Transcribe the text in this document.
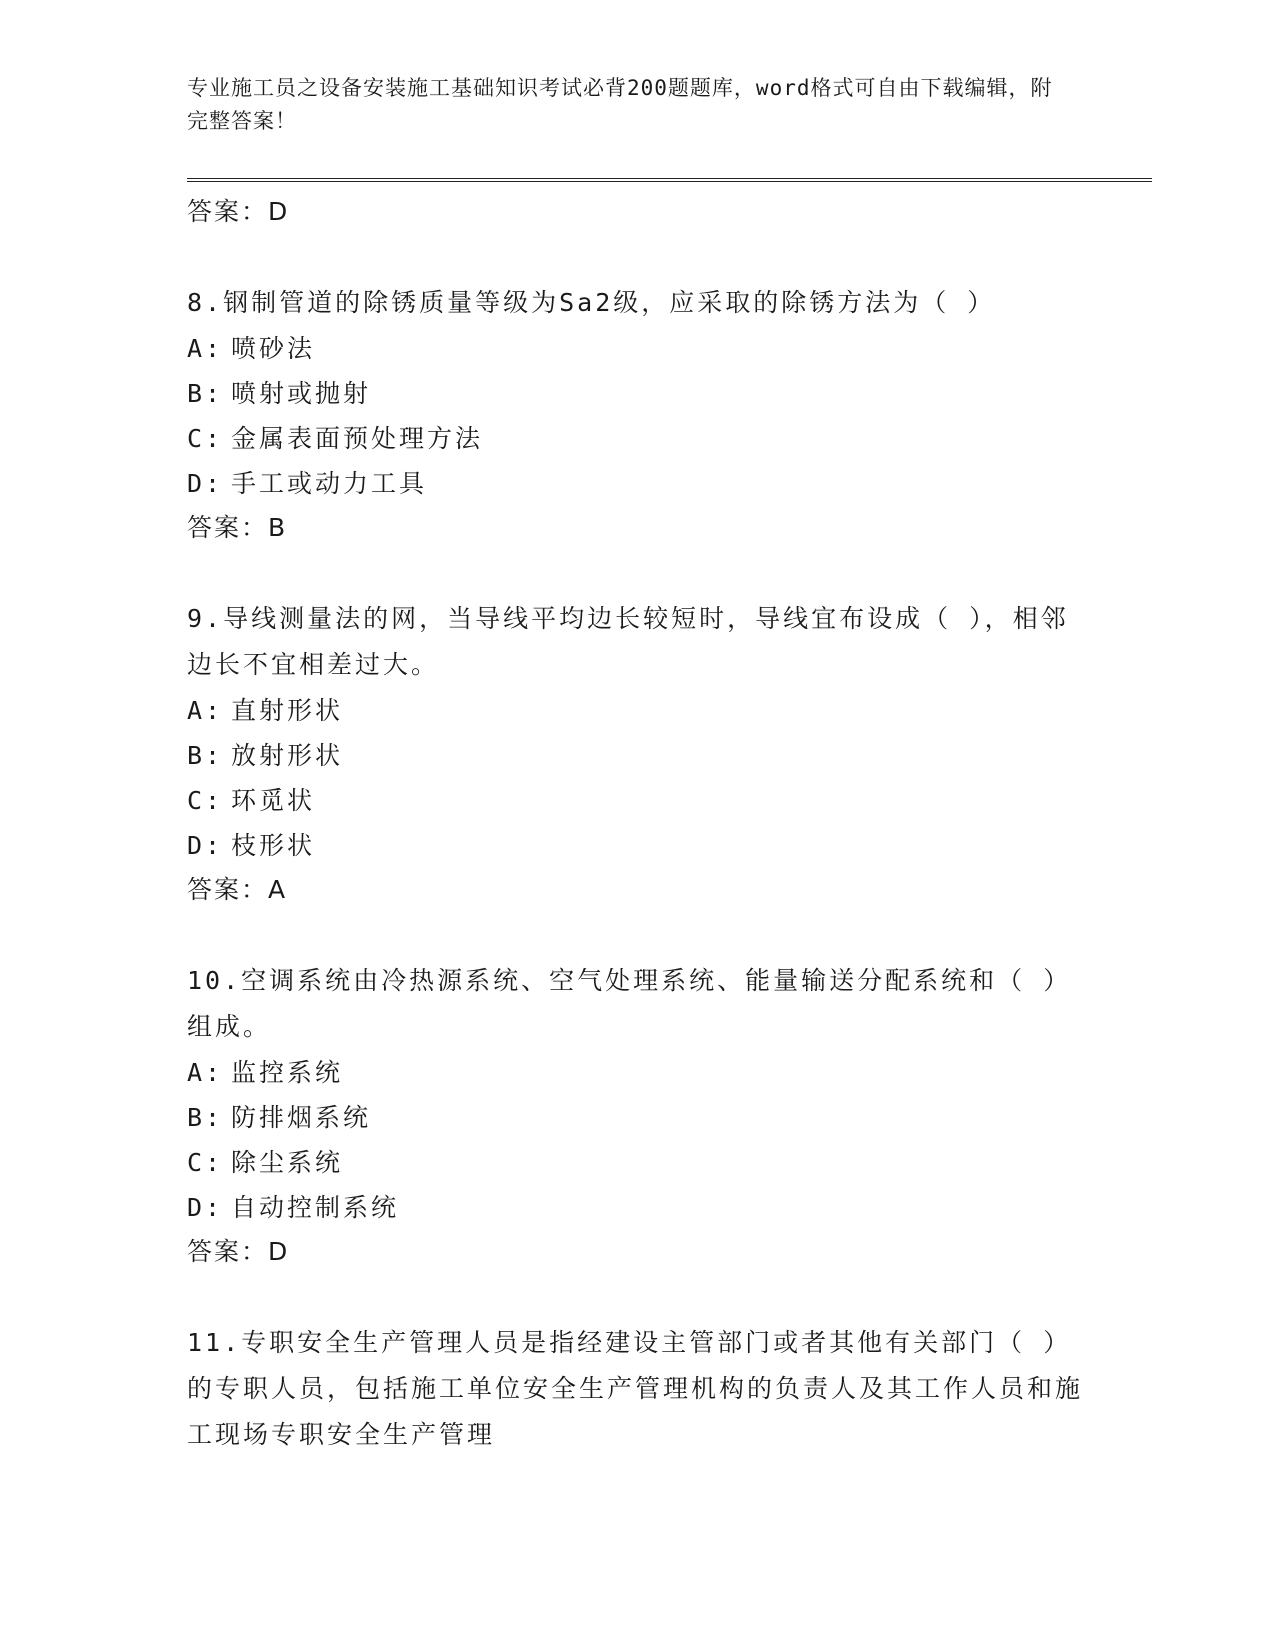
专业施工员之设备安装施工基础知识考试必背200题题库，word格式可自由下载编辑，附完整答案！

答案：D

8.钢制管道的除锈质量等级为Sa2级，应采取的除锈方法为（ ）

A: 喷砂法

B: 喷射或抛射

C: 金属表面预处理方法

D: 手工或动力工具

答案：B

9.导线测量法的网，当导线平均边长较短时，导线宜布设成（ ），相邻边长不宜相差过大。

A: 直射形状

B: 放射形状

C: 环觅状

D: 枝形状

答案：A

10.空调系统由冷热源系统、空气处理系统、能量输送分配系统和（ ）组成。

A: 监控系统

B: 防排烟系统

C: 除尘系统

D: 自动控制系统

答案：D

11.专职安全生产管理人员是指经建设主管部门或者其他有关部门（ ）的专职人员，包括施工单位安全生产管理机构的负责人及其工作人员和施工现场专职安全生产管理
